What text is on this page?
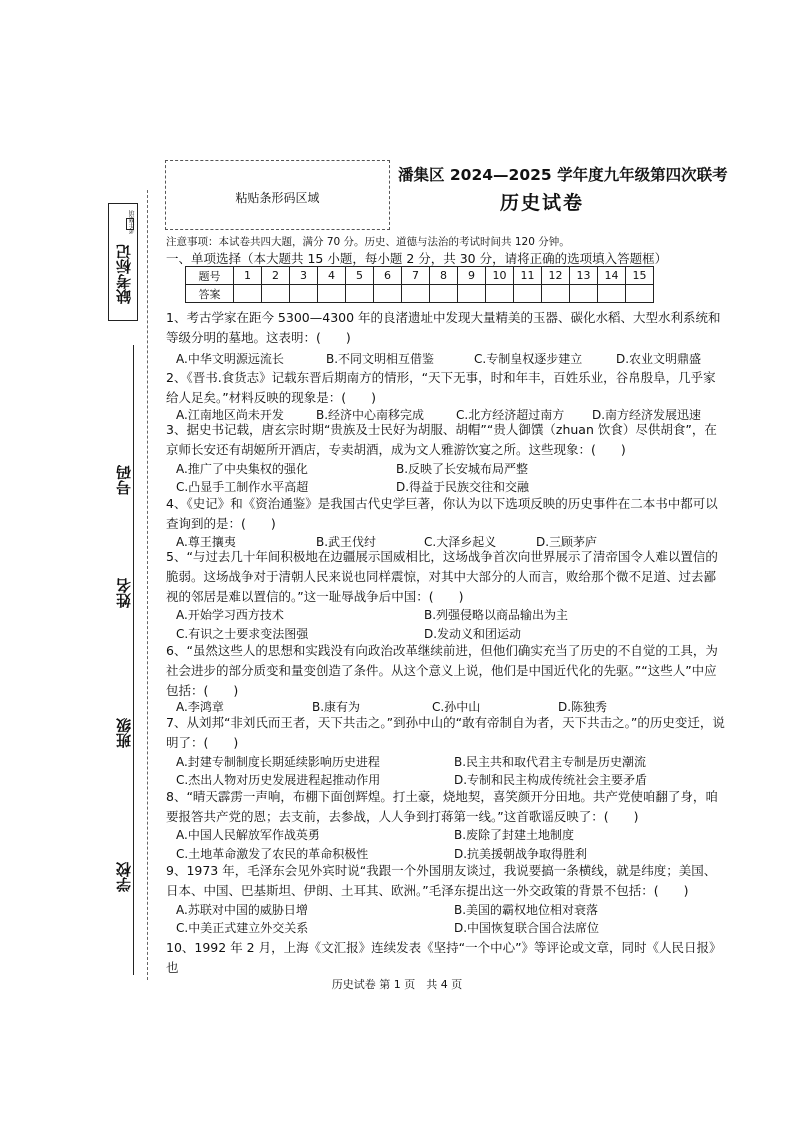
缺考标记
考生禁填
号码
姓名
班级
学校
粘贴条形码区域
潘集区 2024—2025 学年度九年级第四次联考
历史试卷
注意事项：本试卷共四大题，满分 70 分。历史、道德与法治的考试时间共 120 分钟。
一、单项选择（本大题共 15 小题，每小题 2 分，共 30 分，请将正确的选项填入答题框）
题号	1	2	3	4	5	6	7	8	9	10	11	12	13	14	15
答案															
1、考古学家在距今 5300—4300 年的良渚遗址中发现大量精美的玉器、碳化水稻、大型水利系统和等级分明的墓地。这表明：(　　)
A.中华文明源远流长	B.不同文明相互借鉴	C.专制皇权逐步建立	D.农业文明鼎盛
2、《晋书.食货志》记载东晋后期南方的情形，“天下无事，时和年丰，百姓乐业，谷帛殷阜，几乎家给人足矣。”材料反映的现象是：(　　)
A.江南地区尚未开发	B.经济中心南移完成	C.北方经济超过南方 D.南方经济发展迅速
3、据史书记载，唐玄宗时期“贵族及士民好为胡服、胡帽”“贵人御馔（zhuan 饮食）尽供胡食”，在京师长安还有胡姬所开酒店，专卖胡酒，成为文人雅游饮宴之所。这些现象：(　　)
A.推广了中央集权的强化	B.反映了长安城布局严整
C.凸显手工制作水平高超	D.得益于民族交往和交融
4、《史记》和《资治通鉴》是我国古代史学巨著，你认为以下选项反映的历史事件在二本书中都可以查询到的是：(　　)
A.尊王攘夷	B.武王伐纣	C.大泽乡起义	D.三顾茅庐
5、“与过去几十年间积极地在边疆展示国威相比，这场战争首次向世界展示了清帝国令人难以置信的脆弱。这场战争对于清朝人民来说也同样震惊，对其中大部分的人而言，败给那个微不足道、过去鄙视的邻居是难以置信的。”这一耻辱战争后中国：(　　)
A.开始学习西方技术	B.列强侵略以商品输出为主
C.有识之士要求变法图强	D.发动义和团运动
6、“虽然这些人的思想和实践没有向政治改革继续前进，但他们确实充当了历史的不自觉的工具，为社会进步的部分质变和量变创造了条件。从这个意义上说，他们是中国近代化的先驱。”“这些人”中应包括：(　　)
A.李鸿章	B.康有为	C.孙中山	D.陈独秀
7、从刘邦“非刘氏而王者，天下共击之。”到孙中山的“敢有帝制自为者，天下共击之。”的历史变迁，说明了：(　　)
A.封建专制制度长期延续影响历史进程	B.民主共和取代君主专制是历史潮流
C.杰出人物对历史发展进程起推动作用	D.专制和民主构成传统社会主要矛盾
8、“晴天霹雳一声响，布棚下面创辉煌。打土豪，烧地契，喜笑颜开分田地。共产党使咱翻了身，咱要报答共产党的恩；去支前，去参战，人人争到打蒋第一线。”这首歌谣反映了：(　　)
A.中国人民解放军作战英勇	B.废除了封建土地制度
C.土地革命激发了农民的革命积极性	D.抗美援朝战争取得胜利
9、1973 年，毛泽东会见外宾时说“我跟一个外国朋友谈过，我说要搞一条横线，就是纬度；美国、日本、中国、巴基斯坦、伊朗、土耳其、欧洲。”毛泽东提出这一外交政策的背景不包括：(　　)
A.苏联对中国的威胁日增	B.美国的霸权地位相对衰落
C.中美正式建立外交关系	D.中国恢复联合国合法席位
10、1992 年 2 月，上海《文汇报》连续发表《坚持“一个中心”》等评论或文章，同时《人民日报》也
历史试卷 第 1 页　共 4 页
